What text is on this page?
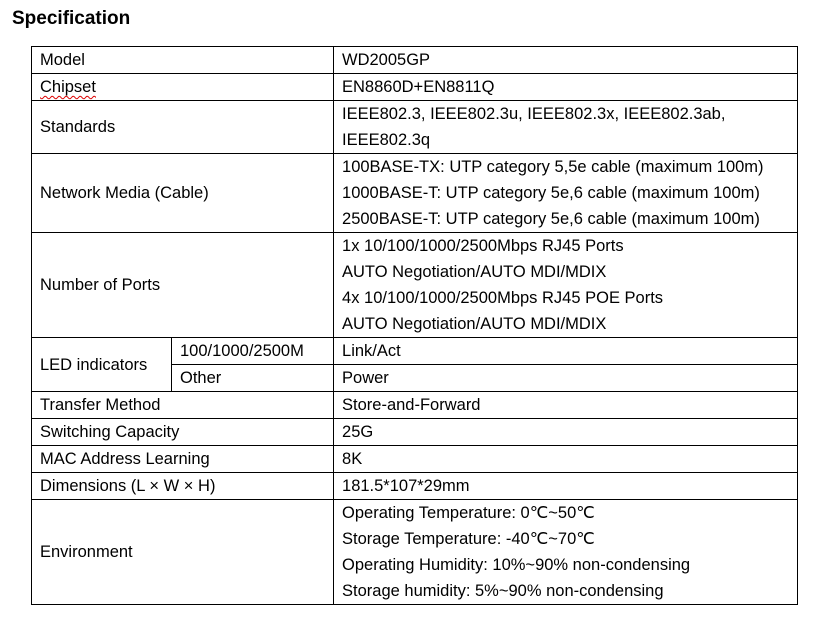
Specification
Model		WD2005GP
Chipset		EN8860D+EN8811Q
Standards		IEEE802.3, IEEE802.3u, IEEE802.3x, IEEE802.3ab,
IEEE802.3q

Network Media (Cable)		100BASE-TX: UTP category 5,5e cable (maximum 100m)
1000BASE-T: UTP category 5e,6 cable (maximum 100m)
2500BASE-T: UTP category 5e,6 cable (maximum 100m)

Number of Ports		1x 10/100/1000/2500Mbps RJ45 Ports
AUTO Negotiation/AUTO MDI/MDIX
4x 10/100/1000/2500Mbps RJ45 POE Ports
AUTO Negotiation/AUTO MDI/MDIX

LED indicators	100/1000/2500M	Link/Act
	Other	Power
Transfer Method		Store-and-Forward
Switching Capacity		25G
MAC Address Learning		8K
Dimensions (L × W × H)		181.5*107*29mm
Environment		Operating Temperature: 0℃~50℃
Storage Temperature: -40℃~70℃
Operating Humidity: 10%~90% non-condensing
Storage humidity: 5%~90% non-condensing
